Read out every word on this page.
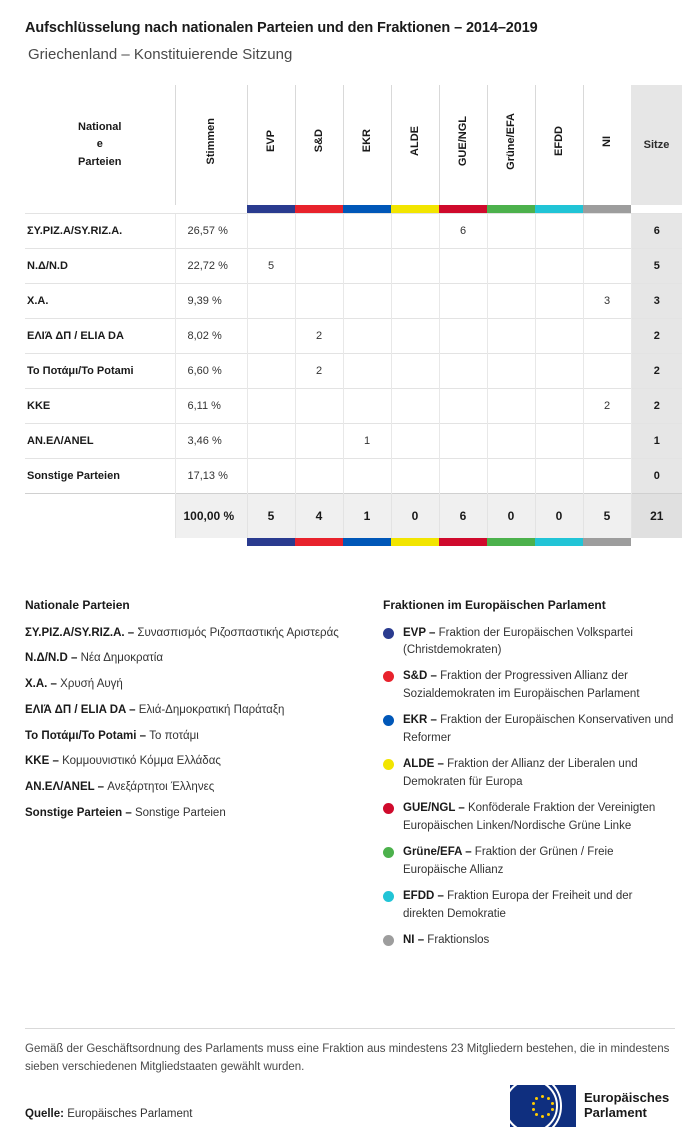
Aufschlüsselung nach nationalen Parteien und den Fraktionen – 2014–2019
Griechenland – Konstituierende Sitzung
National
e
Parteien	Stimmen	EVP	S&D	EKR	ALDE	GUE/NGL	Grüne/EFA	EFDD	NI	Sitze

ΣΥ.ΡΙΖ.Α/SY.RIZ.A.	26,57 %					6				6
Ν.Δ/N.D	22,72 %	5								5
Χ.Α.	9,39 %								3	3
ΕΛΙΆ ΔΠ / ELIA DA	8,02 %		2							2
Το Ποτάμι/To Potami	6,60 %		2							2
ΚΚΕ	6,11 %								2	2
ΑΝ.ΕΛ/ANEL	3,46 %			1						1
Sonstige Parteien	17,13 %									0
	100,00 %	5	4	1	0	6	0	0	5	21

Nationale Parteien
ΣΥ.ΡΙΖ.Α/SY.RIZ.A. – Συνασπισμός Ριζοσπαστικής Αριστεράς
Ν.Δ/N.D – Νέα Δημοκρατία
Χ.Α. – Χρυσή Αυγή
ΕΛΙΆ ΔΠ / ELIA DA – Ελιά-Δημοκρατική Παράταξη
Το Ποτάμι/To Potami – Το ποτάμι
ΚΚΕ – Κομμουνιστικό Κόμμα Ελλάδας
ΑΝ.ΕΛ/ANEL – Ανεξάρτητοι Έλληνες
Sonstige Parteien – Sonstige Parteien
Fraktionen im Europäischen Parlament
EVP – Fraktion der Europäischen Volkspartei (Christdemokraten)
S&D – Fraktion der Progressiven Allianz der Sozialdemokraten im Europäischen Parlament
EKR – Fraktion der Europäischen Konservativen und Reformer
ALDE – Fraktion der Allianz der Liberalen und Demokraten für Europa
GUE/NGL – Konföderale Fraktion der Vereinigten Europäischen Linken/Nordische Grüne Linke
Grüne/EFA – Fraktion der Grünen / Freie Europäische Allianz
EFDD – Fraktion Europa der Freiheit und der direkten Demokratie
NI – Fraktionslos
Gemäß der Geschäftsordnung des Parlaments muss eine Fraktion aus mindestens 23 Mitgliedern bestehen, die in mindestens sieben verschiedenen Mitgliedstaaten gewählt wurden.
Quelle: Europäisches Parlament
Europäisches
Parlament
